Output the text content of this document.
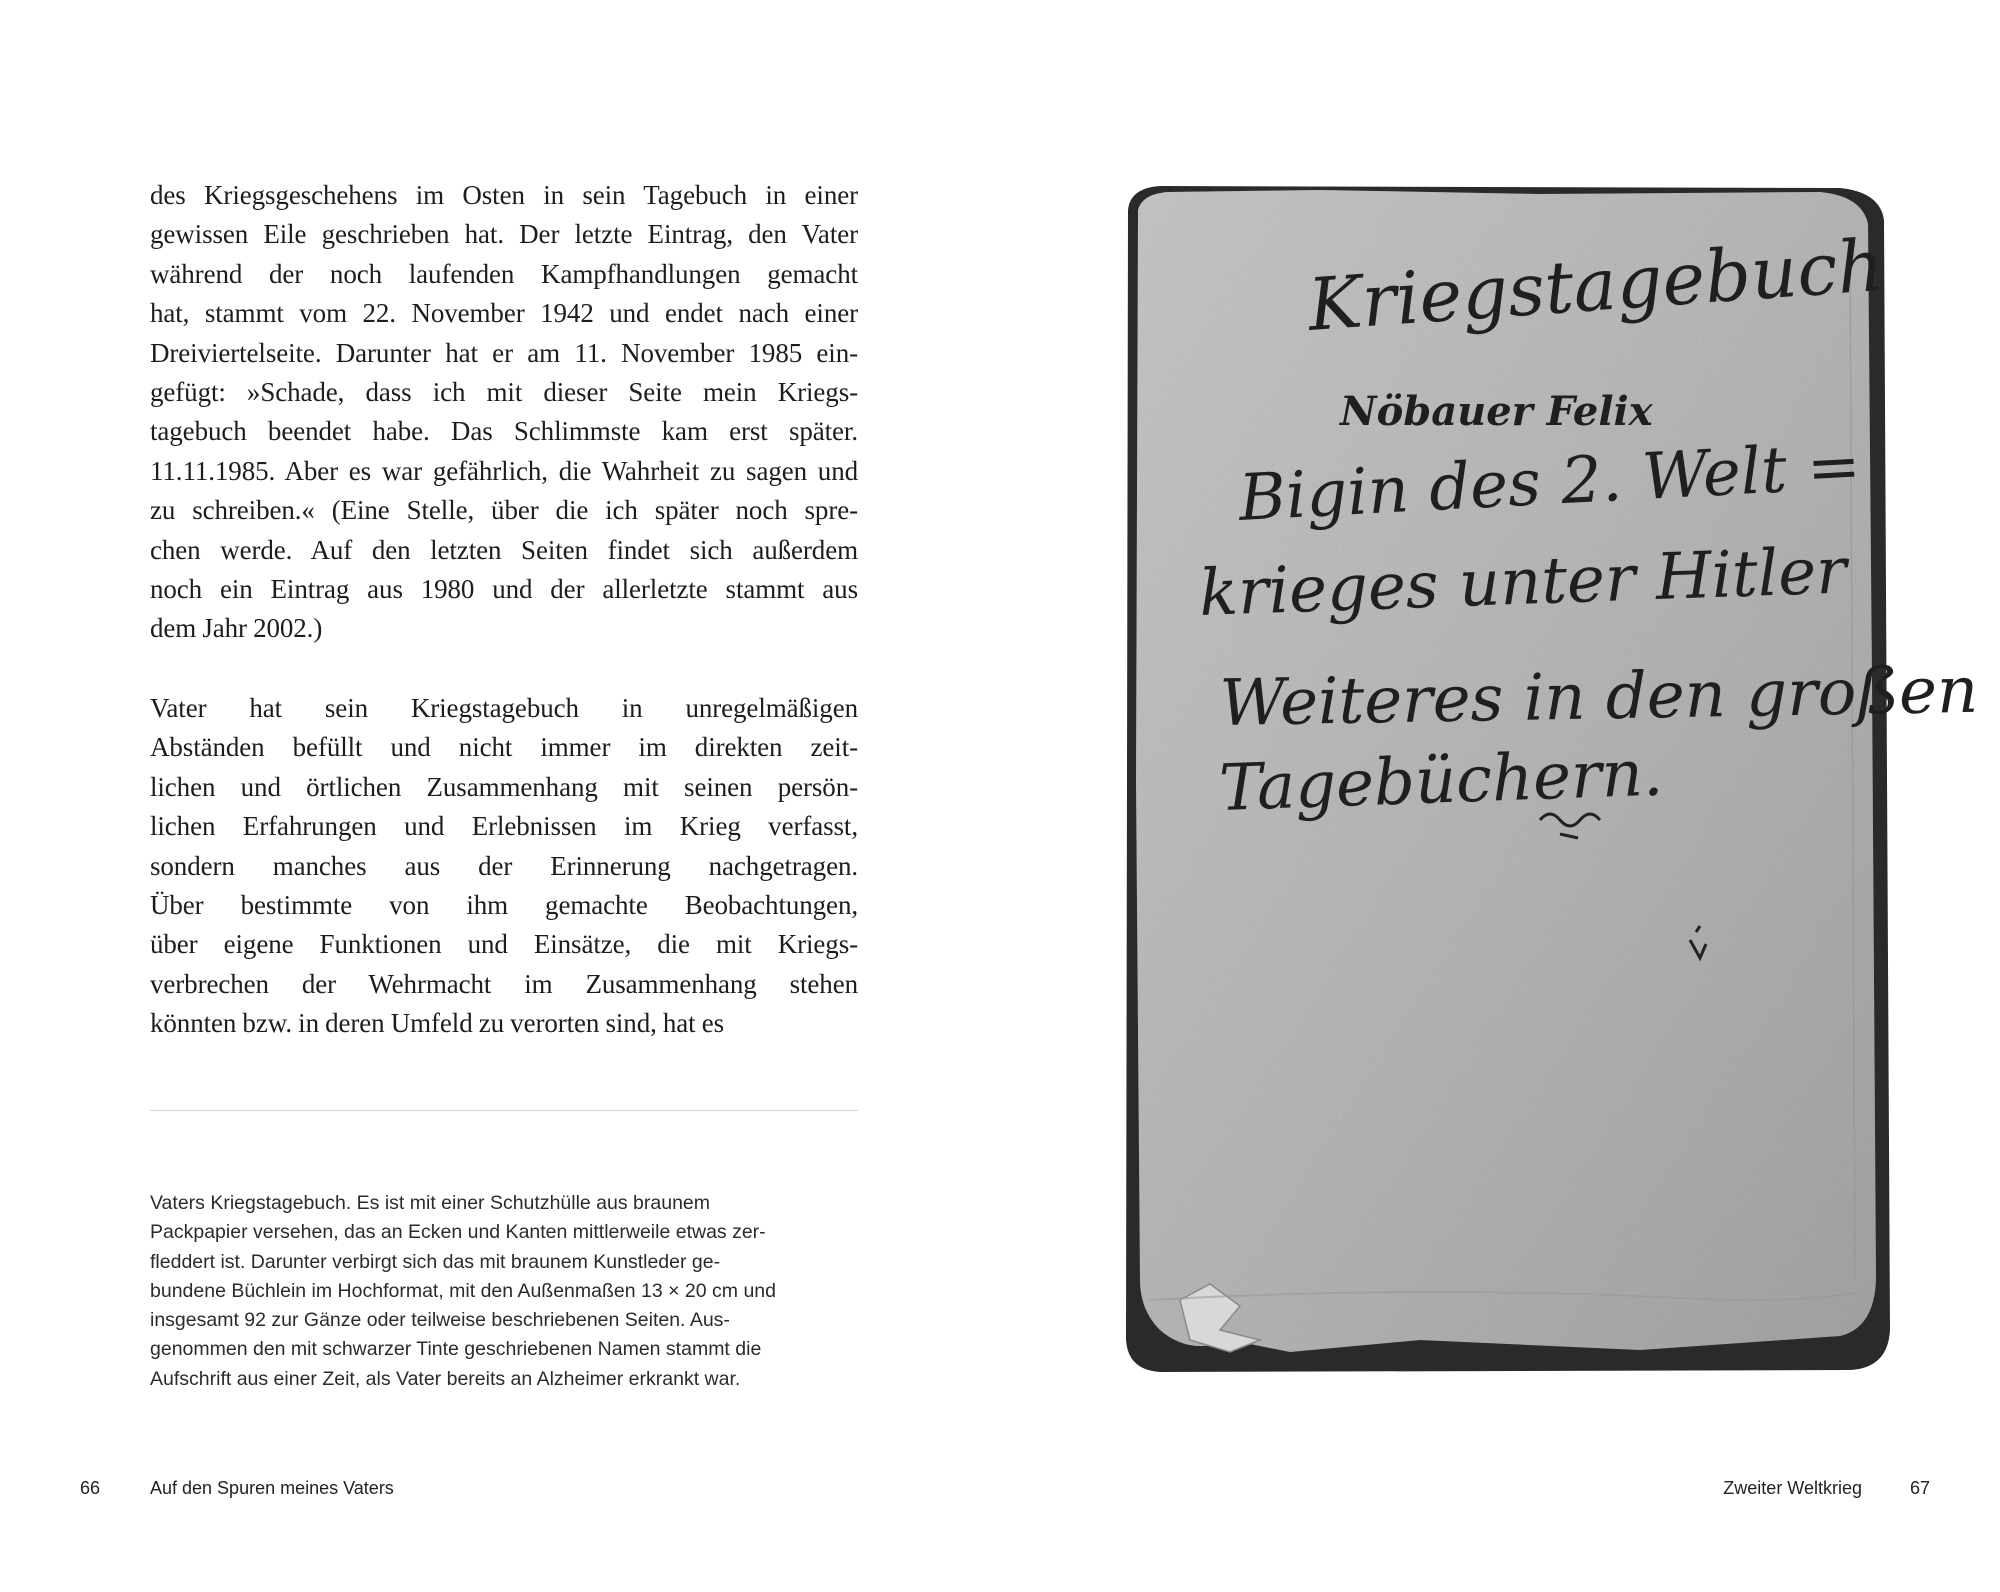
des Kriegsgeschehens im Osten in sein Tagebuch in einer
gewissen Eile geschrieben hat. Der letzte Eintrag, den Vater
während der noch laufenden Kampfhandlungen gemacht
hat, stammt vom 22. November 1942 und endet nach einer
Dreiviertelseite. Darunter hat er am 11. November 1985 ein-
gefügt: »Schade, dass ich mit dieser Seite mein Kriegs-
tagebuch beendet habe. Das Schlimmste kam erst später.
11.11.1985. Aber es war gefährlich, die Wahrheit zu sagen und
zu schreiben.« (Eine Stelle, über die ich später noch spre-
chen werde. Auf den letzten Seiten findet sich außerdem
noch ein Eintrag aus 1980 und der allerletzte stammt aus
dem Jahr 2002.)

Vater hat sein Kriegstagebuch in unregelmäßigen
Abständen befüllt und nicht immer im direkten zeit-
lichen und örtlichen Zusammenhang mit seinen persön-
lichen Erfahrungen und Erlebnissen im Krieg verfasst,
sondern manches aus der Erinnerung nachgetragen.
Über bestimmte von ihm gemachte Beobachtungen,
über eigene Funktionen und Einsätze, die mit Kriegs-
verbrechen der Wehrmacht im Zusammenhang stehen
könnten bzw. in deren Umfeld zu verorten sind, hat es

Vaters Kriegstagebuch. Es ist mit einer Schutzhülle aus braunem
Packpapier versehen, das an Ecken und Kanten mittlerweile etwas zer-
fleddert ist. Darunter verbirgt sich das mit braunem Kunstleder ge-
bundene Büchlein im Hochformat, mit den Außenmaßen 13 × 20 cm und
insgesamt 92 zur Gänze oder teilweise beschriebenen Seiten. Aus-
genommen den mit schwarzer Tinte geschriebenen Namen stammt die
Aufschrift aus einer Zeit, als Vater bereits an Alzheimer erkrankt war.

66	Auf den Spuren meines Vaters
Kriegstagebuch
Nöbauer Felix
Bigin des 2. Welt =
krieges unter Hitler
Weiteres in den großen
Tagebüchern.
Zweiter Weltkrieg	67
